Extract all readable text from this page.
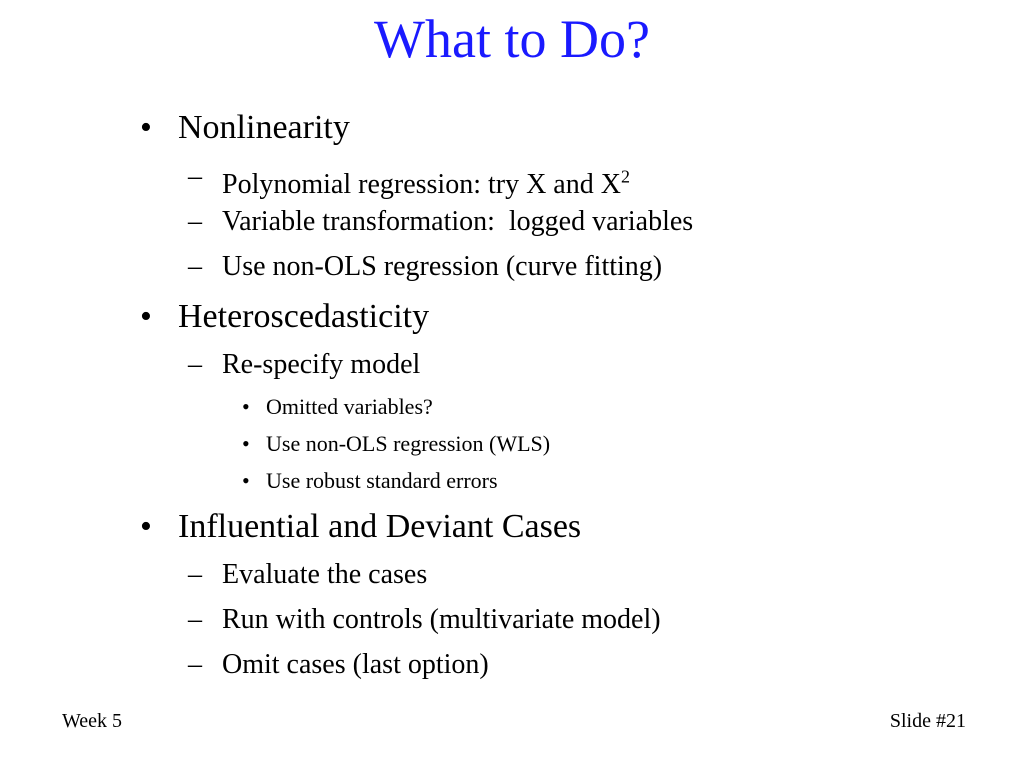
What to Do?
• Nonlinearity
– Polynomial regression: try X and $X^2$
– Variable transformation:  logged variables
– Use non-OLS regression (curve fitting)
• Heteroscedasticity
– Re-specify model
• Omitted variables?
• Use non-OLS regression (WLS)
• Use robust standard errors
• Influential and Deviant Cases
– Evaluate the cases
– Run with controls (multivariate model)
– Omit cases (last option)
Week 5	Slide #21
